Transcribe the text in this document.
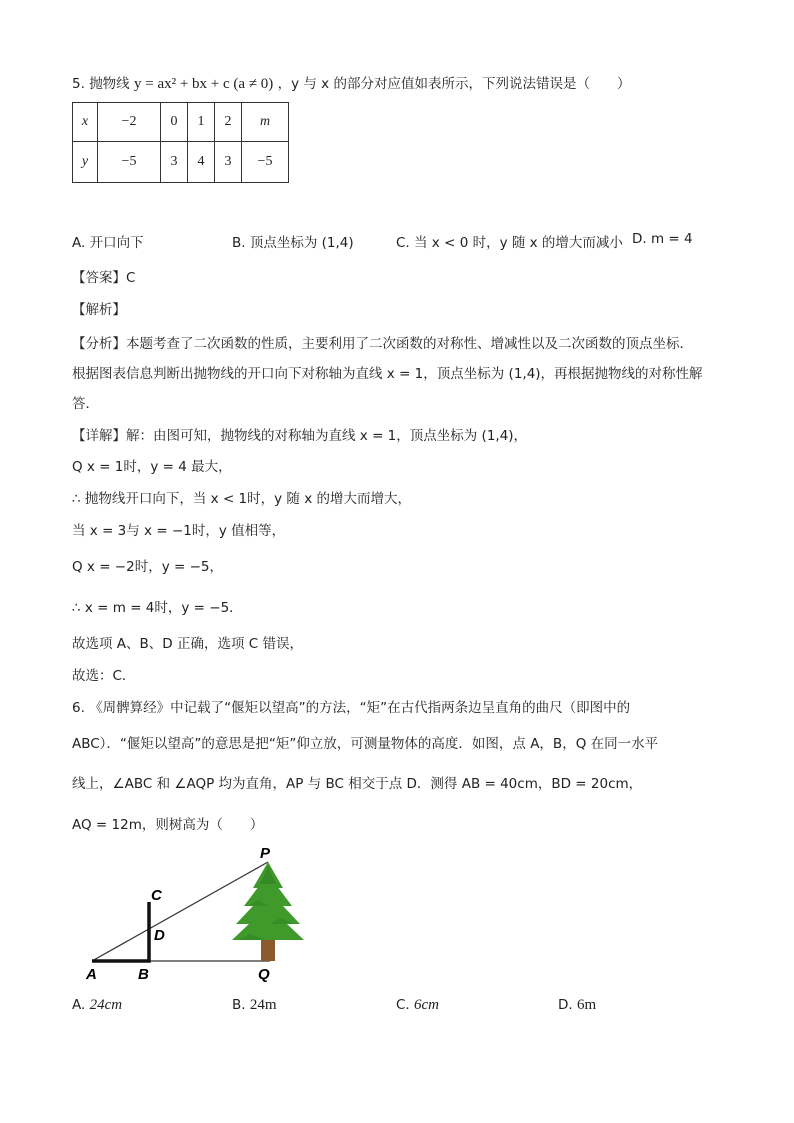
5. 抛物线 y = ax² + bx + c (a ≠ 0) ，y 与 x 的部分对应值如表所示，下列说法错误是（　　）
x	−2	0	1	2	m
y	−5	3	4	3	−5
A. 开口向下	B. 顶点坐标为 (1,4)	C. 当 x < 0 时，y 随 x 的增大而减小 D. m = 4
【答案】C
【解析】
【分析】本题考查了二次函数的性质，主要利用了二次函数的对称性、增减性以及二次函数的顶点坐标．
根据图表信息判断出抛物线的开口向下对称轴为直线 x = 1，顶点坐标为 (1,4)，再根据抛物线的对称性解
答．
【详解】解：由图可知，抛物线的对称轴为直线 x = 1，顶点坐标为 (1,4)，
Q x = 1时，y = 4 最大，
∴ 抛物线开口向下，当 x < 1时，y 随 x 的增大而增大，
当 x = 3与 x = −1时，y 值相等，
Q x = −2时，y = −5，
∴ x = m = 4时，y = −5．
故选项 A、B、D 正确，选项 C 错误，
故选：C．
6. 《周髀算经》中记载了“偃矩以望高”的方法，“矩”在古代指两条边呈直角的曲尺（即图中的
ABC）．“偃矩以望高”的意思是把“矩”仰立放，可测量物体的高度．如图，点 A，B，Q 在同一水平
线上，∠ABC 和 ∠AQP 均为直角，AP 与 BC 相交于点 D．测得 AB = 40cm，BD = 20cm，
AQ = 12m，则树高为（　　）
P
C
D
A	B	Q
A. 24cm	B. 24m	C. 6cm	D. 6m
